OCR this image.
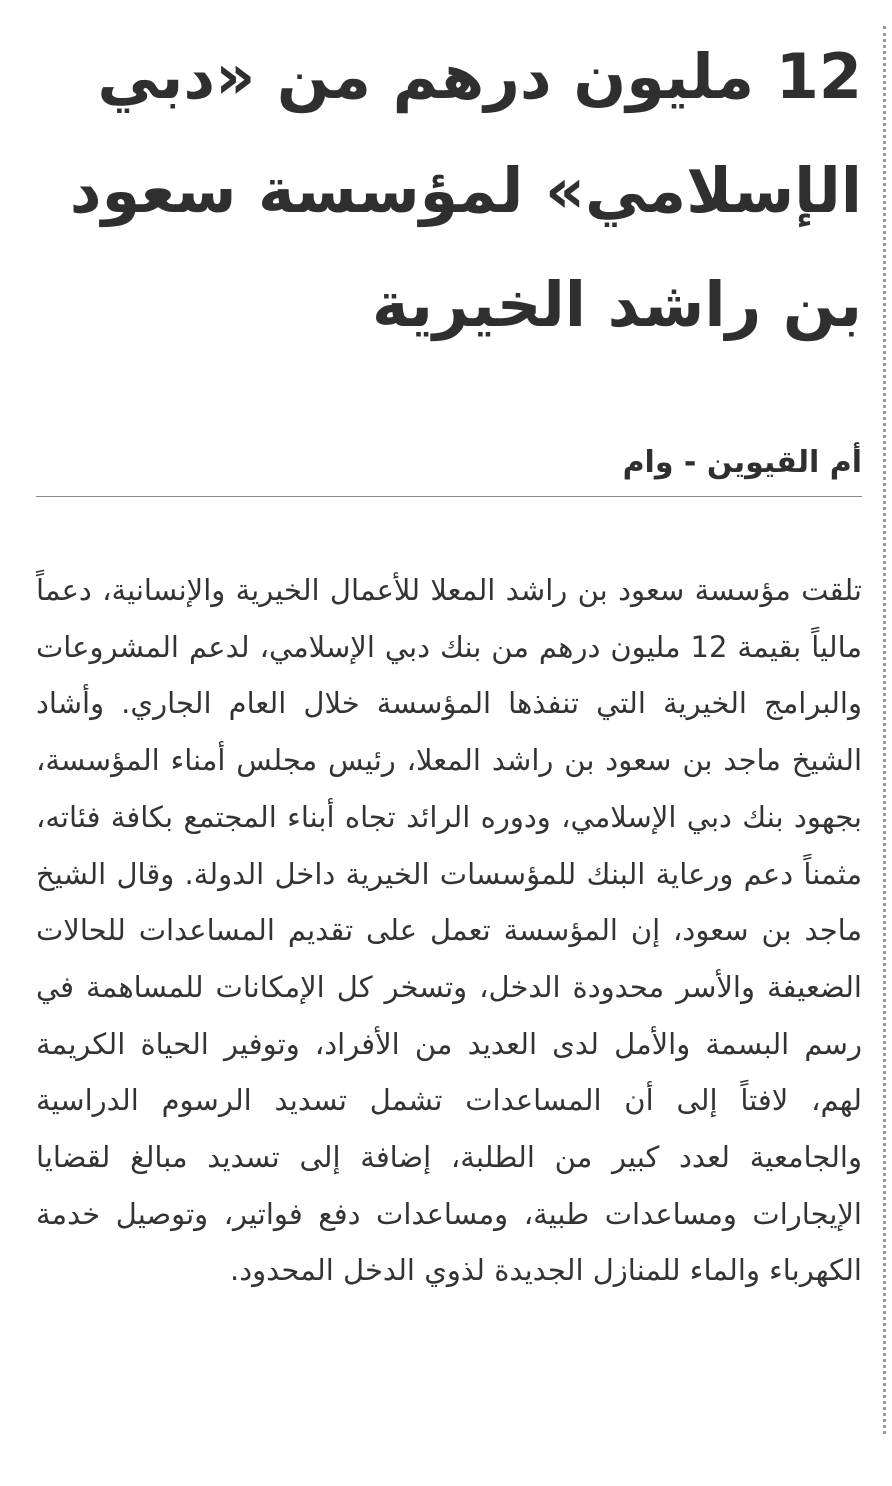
12 مليون درهم من «دبي الإسلامي» لمؤسسة سعود بن راشد الخيرية
أم القيوين - وام

تلقت مؤسسة سعود بن راشد المعلا للأعمال الخيرية والإنسانية، دعماً مالياً بقيمة 12 مليون درهم من بنك دبي الإسلامي، لدعم المشروعات والبرامج الخيرية التي تنفذها المؤسسة خلال العام الجاري. وأشاد الشيخ ماجد بن سعود بن راشد المعلا، رئيس مجلس أمناء المؤسسة، بجهود بنك دبي الإسلامي، ودوره الرائد تجاه أبناء المجتمع بكافة فئاته، مثمناً دعم ورعاية البنك للمؤسسات الخيرية داخل الدولة. وقال الشيخ ماجد بن سعود، إن المؤسسة تعمل على تقديم المساعدات للحالات الضعيفة والأسر محدودة الدخل، وتسخر كل الإمكانات للمساهمة في رسم البسمة والأمل لدى العديد من الأفراد، وتوفير الحياة الكريمة لهم، لافتاً إلى أن المساعدات تشمل تسديد الرسوم الدراسية والجامعية لعدد كبير من الطلبة، إضافة إلى تسديد مبالغ لقضايا الإيجارات ومساعدات طبية، ومساعدات دفع فواتير، وتوصيل خدمة الكهرباء والماء للمنازل الجديدة لذوي الدخل المحدود.
